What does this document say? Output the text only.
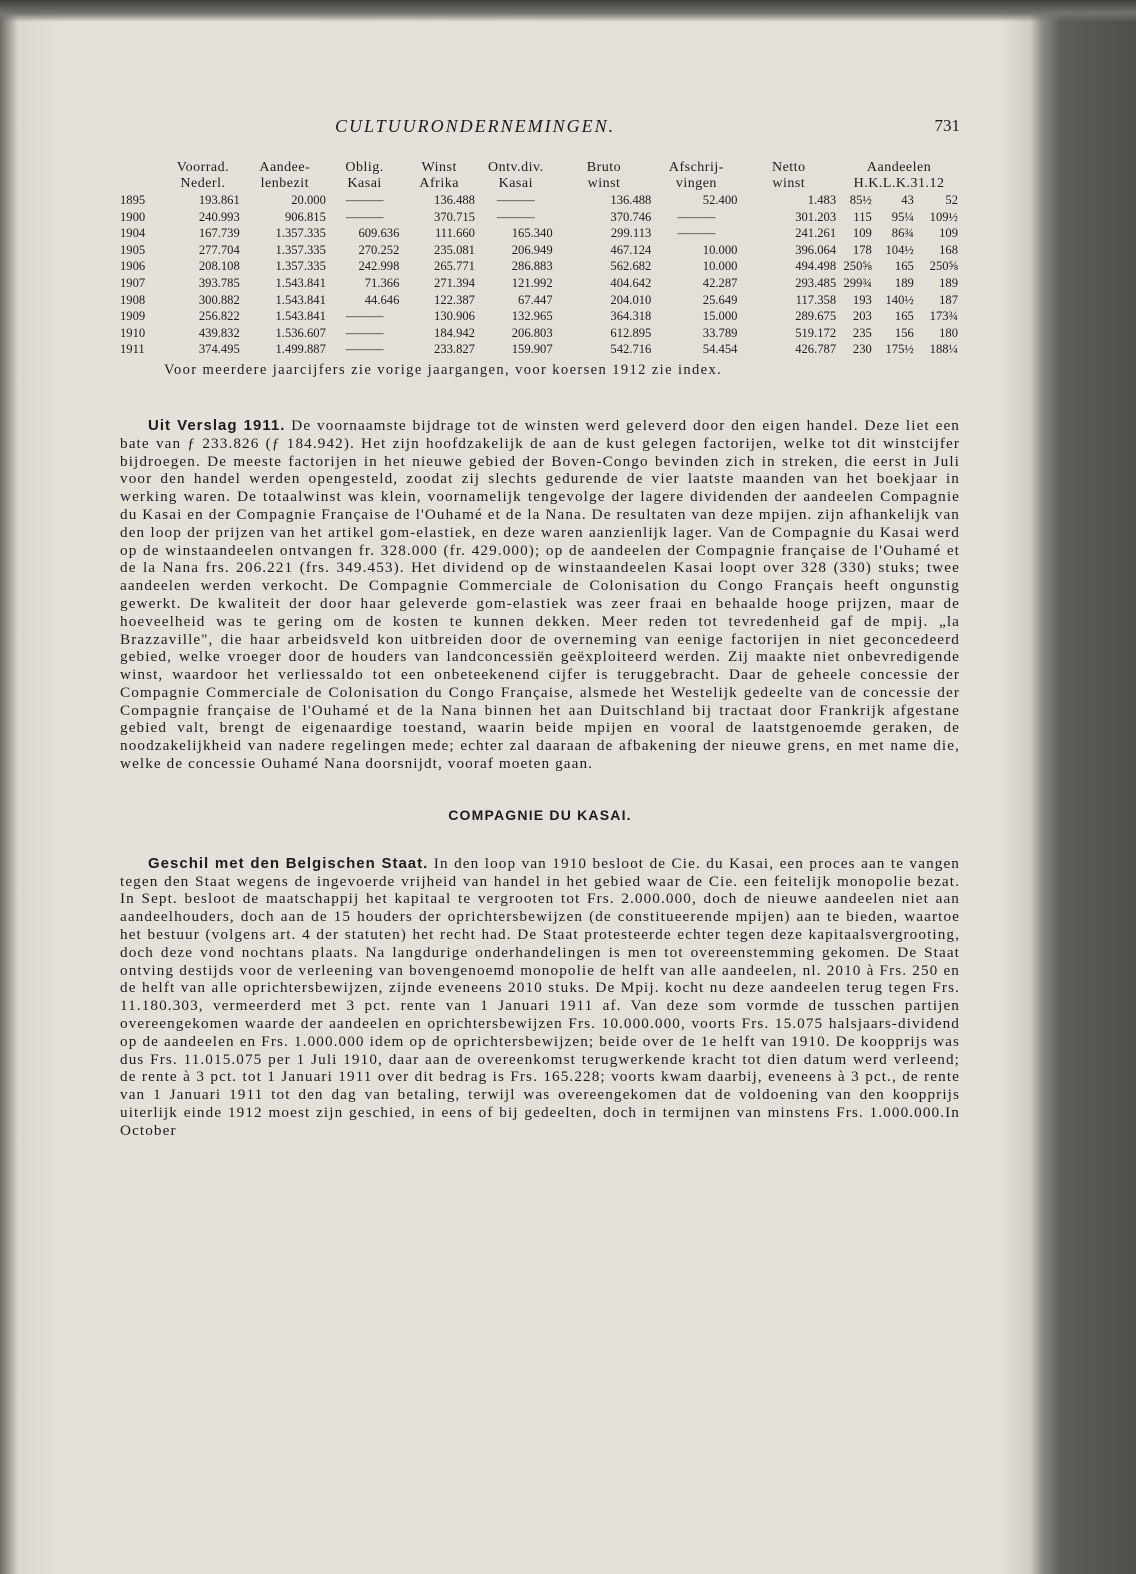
CULTUURONDERNEMINGEN.	731
	Voorrad.	Aandee-	Oblig.	Winst	Ontv.div.	Bruto	Afschrij-	Netto	Aandeelen		
	Nederl.	lenbezit	Kasai	Afrika	Kasai	winst	vingen	winst	H.K.L.K.31.12		
1895	193.861	20.000	———	136.488	———	136.488	52.400	1.483	85½	43	52
1900	240.993	906.815	———	370.715	———	370.746	———	301.203	115	95¼	109½
1904	167.739	1.357.335	609.636	111.660	165.340	299.113	———	241.261	109	86¾	109
1905	277.704	1.357.335	270.252	235.081	206.949	467.124	10.000	396.064	178	104½	168
1906	208.108	1.357.335	242.998	265.771	286.883	562.682	10.000	494.498	250⅝	165	250⅝
1907	393.785	1.543.841	71.366	271.394	121.992	404.642	42.287	293.485	299¾	189	189
1908	300.882	1.543.841	44.646	122.387	67.447	204.010	25.649	117.358	193	140½	187
1909	256.822	1.543.841	———	130.906	132.965	364.318	15.000	289.675	203	165	173¾
1910	439.832	1.536.607	———	184.942	206.803	612.895	33.789	519.172	235	156	180
1911	374.495	1.499.887	———	233.827	159.907	542.716	54.454	426.787	230	175½	188¼
Voor meerdere jaarcijfers zie vorige jaargangen, voor koersen 1912 zie index.

Uit Verslag 1911. De voornaamste bijdrage tot de winsten werd geleverd door den eigen handel. Deze liet een bate van ƒ 233.826 (ƒ 184.942). Het zijn hoofdzakelijk de aan de kust gelegen factorijen, welke tot dit winstcijfer bijdroegen. De meeste factorijen in het nieuwe gebied der Boven-Congo bevinden zich in streken, die eerst in Juli voor den handel werden opengesteld, zoodat zij slechts gedurende de vier laatste maanden van het boekjaar in werking waren. De totaalwinst was klein, voornamelijk tengevolge der lagere dividenden der aandeelen Compagnie du Kasai en der Compagnie Française de l'Ouhamé et de la Nana. De resultaten van deze mpijen. zijn afhankelijk van den loop der prijzen van het artikel gom-elastiek, en deze waren aanzienlijk lager. Van de Compagnie du Kasai werd op de winstaandeelen ontvangen fr. 328.000 (fr. 429.000); op de aandeelen der Compagnie française de l'Ouhamé et de la Nana frs. 206.221 (frs. 349.453). Het dividend op de winstaandeelen Kasai loopt over 328 (330) stuks; twee aandeelen werden verkocht. De Compagnie Commerciale de Colonisation du Congo Français heeft ongunstig gewerkt. De kwaliteit der door haar geleverde gom-elastiek was zeer fraai en behaalde hooge prijzen, maar de hoeveelheid was te gering om de kosten te kunnen dekken. Meer reden tot tevredenheid gaf de mpij. „la Brazzaville", die haar arbeidsveld kon uitbreiden door de overneming van eenige factorijen in niet geconcedeerd gebied, welke vroeger door de houders van landconcessiën geëxploiteerd werden. Zij maakte niet onbevredigende winst, waardoor het verliessaldo tot een onbeteekenend cijfer is teruggebracht. Daar de geheele concessie der Compagnie Commerciale de Colonisation du Congo Française, alsmede het Westelijk gedeelte van de concessie der Compagnie française de l'Ouhamé et de la Nana binnen het aan Duitschland bij tractaat door Frankrijk afgestane gebied valt, brengt de eigenaardige toestand, waarin beide mpijen en vooral de laatstgenoemde geraken, de noodzakelijkheid van nadere regelingen mede; echter zal daaraan de afbakening der nieuwe grens, en met name die, welke de concessie Ouhamé Nana doorsnijdt, vooraf moeten gaan.

COMPAGNIE DU KASAI.

Geschil met den Belgischen Staat. In den loop van 1910 besloot de Cie. du Kasai, een proces aan te vangen tegen den Staat wegens de ingevoerde vrijheid van handel in het gebied waar de Cie. een feitelijk monopolie bezat. In Sept. besloot de maatschappij het kapitaal te vergrooten tot Frs. 2.000.000, doch de nieuwe aandeelen niet aan aandeelhouders, doch aan de 15 houders der oprichtersbewijzen (de constitueerende mpijen) aan te bieden, waartoe het bestuur (volgens art. 4 der statuten) het recht had. De Staat protesteerde echter tegen deze kapitaalsvergrooting, doch deze vond nochtans plaats. Na langdurige onderhandelingen is men tot overeenstemming gekomen. De Staat ontving destijds voor de verleening van bovengenoemd monopolie de helft van alle aandeelen, nl. 2010 à Frs. 250 en de helft van alle oprichtersbewijzen, zijnde eveneens 2010 stuks. De Mpij. kocht nu deze aandeelen terug tegen Frs. 11.180.303, vermeerderd met 3 pct. rente van 1 Januari 1911 af. Van deze som vormde de tusschen partijen overeengekomen waarde der aandeelen en oprichtersbewijzen Frs. 10.000.000, voorts Frs. 15.075 halsjaars-dividend op de aandeelen en Frs. 1.000.000 idem op de oprichtersbewijzen; beide over de 1e helft van 1910. De koopprijs was dus Frs. 11.015.075 per 1 Juli 1910, daar aan de overeenkomst terugwerkende kracht tot dien datum werd verleend; de rente à 3 pct. tot 1 Januari 1911 over dit bedrag is Frs. 165.228; voorts kwam daarbij, eveneens à 3 pct., de rente van 1 Januari 1911 tot den dag van betaling, terwijl was overeengekomen dat de voldoening van den koopprijs uiterlijk einde 1912 moest zijn geschied, in eens of bij gedeelten, doch in termijnen van minstens Frs. 1.000.000.In October
